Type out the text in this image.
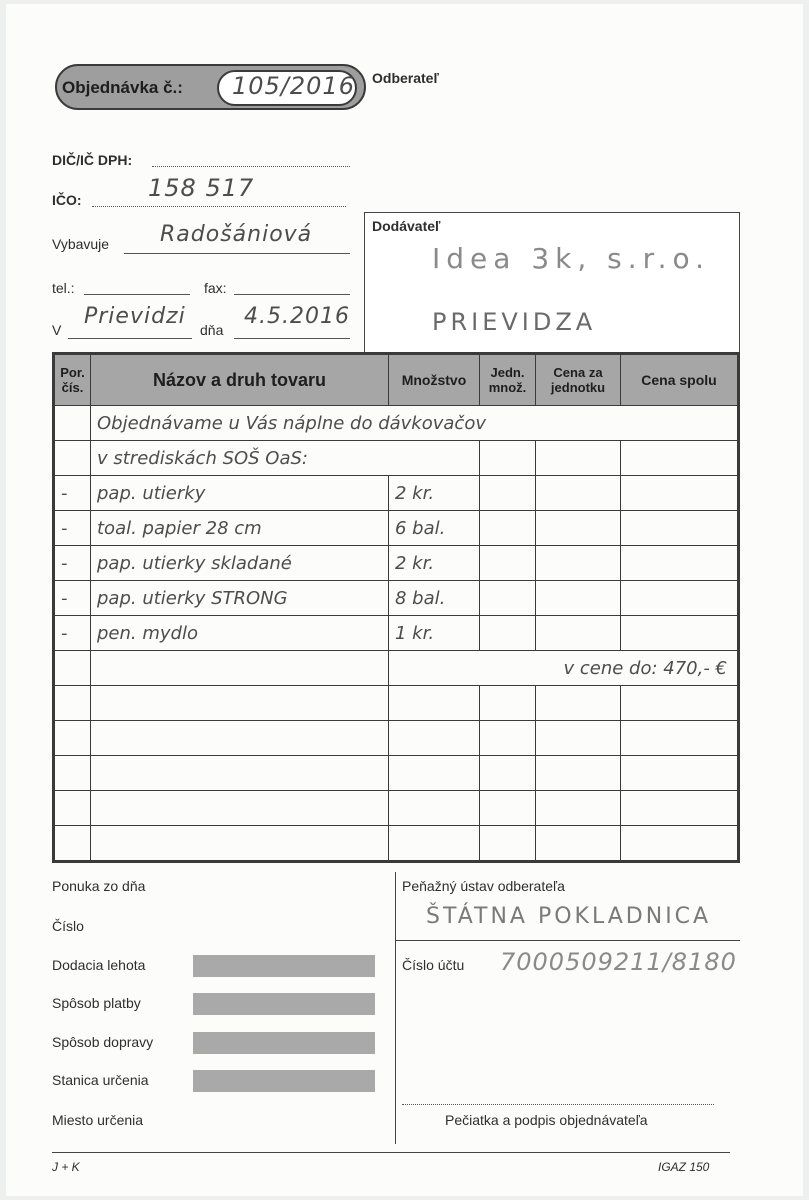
Objednávka č.: 105/2016 Odberateľ
DIČ/IČ DPH:
IČO:	158 517
Vybavuje Radošániová
tel.:	fax:
V
Prievidzi
dňa
4.5.2016
Dodávateľ
Idea 3k, s.r.o.
PRIEVIDZA
Por. čís.	Názov a druh tovaru	Množstvo	Jedn. množ.	Cena za jednotku	Cena spolu
	Objednávame u Vás náplne do dávkovačov				
	v strediskách SOŠ OaS:				
-	pap. utierky	2 kr.			
-	toal. papier 28 cm	6 bal.			
-	pap. utierky skladané	2 kr.			
-	pap. utierky STRONG	8 bal.			
-	pen. mydlo	1 kr.			
		v cene do: 470,- €			

Ponuka zo dňa
Číslo
Dodacia lehota
Spôsob platby
Spôsob dopravy
Stanica určenia
Miesto určenia
Peňažný ústav odberateľa
ŠTÁTNA POKLADNICA
Číslo účtu 7000509211/8180
Pečiatka a podpis objednávateľa
J + K	IGAZ 150
